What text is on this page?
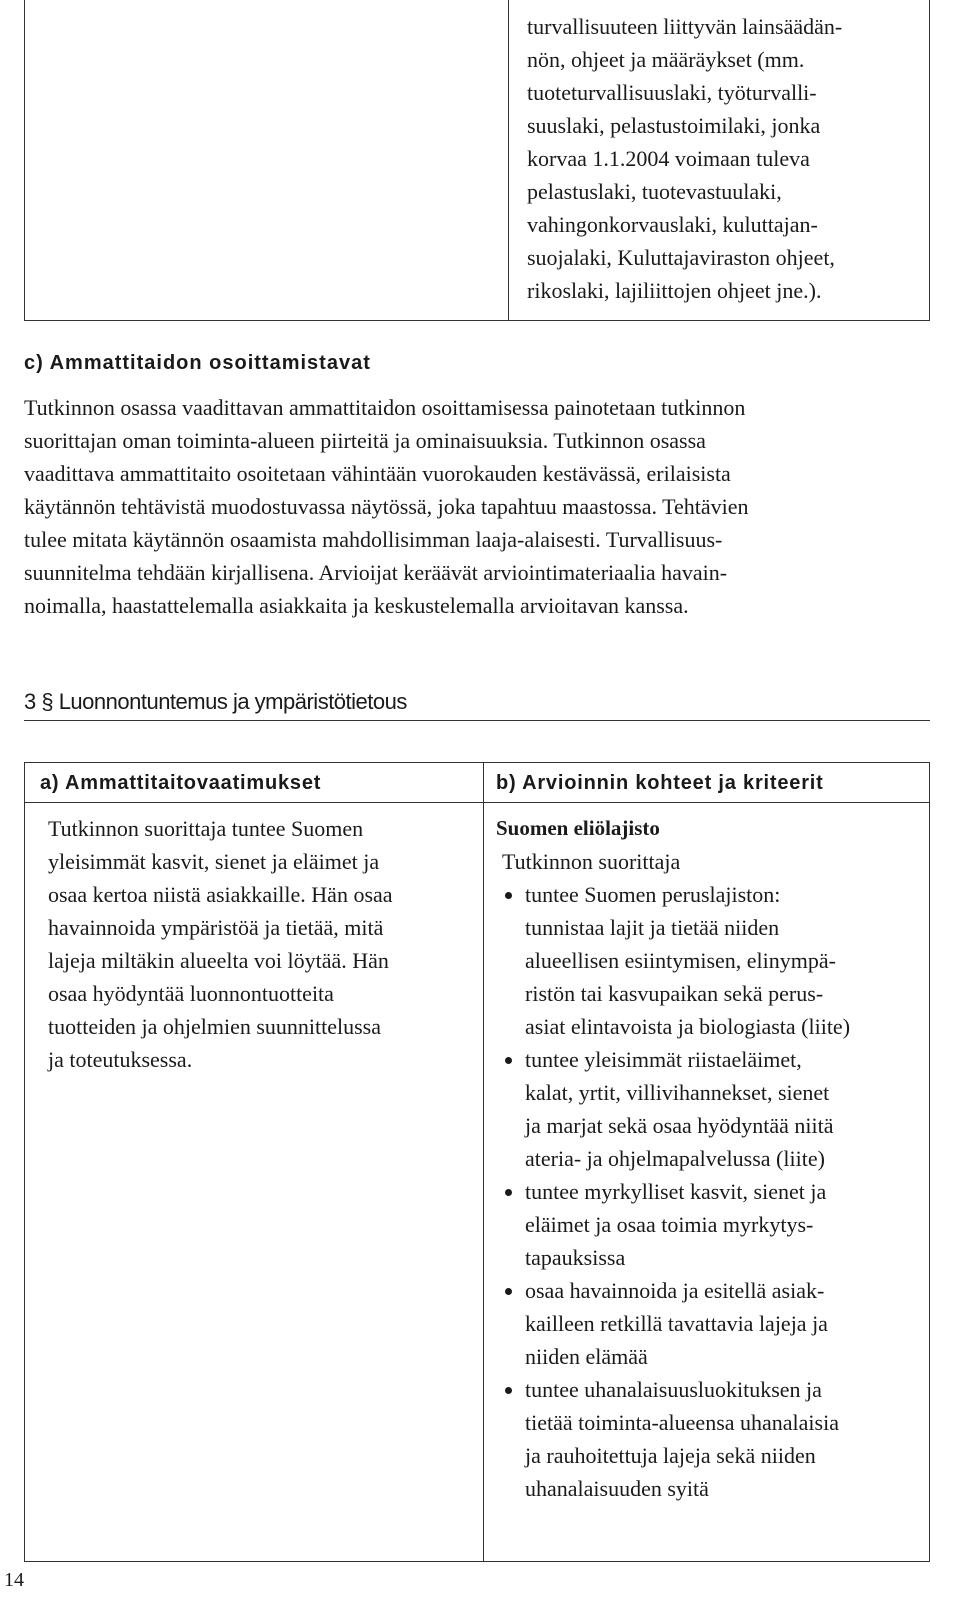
turvallisuuteen liittyvän lainsäädän-
nön, ohjeet ja määräykset (mm.
tuoteturvallisuuslaki, työturvalli-
suuslaki, pelastustoimilaki, jonka
korvaa 1.1.2004 voimaan tuleva
pelastuslaki, tuotevastuulaki,
vahingonkorvauslaki, kuluttajan-
suojalaki, Kuluttajaviraston ohjeet,
rikoslaki, lajiliittojen ohjeet jne.).

c) Ammattitaidon osoittamistavat

Tutkinnon osassa vaadittavan ammattitaidon osoittamisessa painotetaan tutkinnon
suorittajan oman toiminta-alueen piirteitä ja ominaisuuksia. Tutkinnon osassa
vaadittava ammattitaito osoitetaan vähintään vuorokauden kestävässä, erilaisista
käytännön tehtävistä muodostuvassa näytössä, joka tapahtuu maastossa. Tehtävien
tulee mitata käytännön osaamista mahdollisimman laaja-alaisesti. Turvallisuus-
suunnitelma tehdään kirjallisena. Arvioijat keräävät arviointimateriaalia havain-
noimalla, haastattelemalla asiakkaita ja keskustelemalla arvioitavan kanssa.

3 § Luonnontuntemus ja ympäristötietous
a) Ammattitaitovaatimukset	b) Arvioinnin kohteet ja kriteerit

Tutkinnon suorittaja tuntee Suomen
yleisimmät kasvit, sienet ja eläimet ja
osaa kertoa niistä asiakkaille. Hän osaa
havainnoida ympäristöä ja tietää, mitä
lajeja miltäkin alueelta voi löytää. Hän
osaa hyödyntää luonnontuotteita
tuotteiden ja ohjelmien suunnittelussa
ja toteutuksessa.

Suomen eliölajisto

Tutkinnon suorittaja

tuntee Suomen peruslajiston:
tunnistaa lajit ja tietää niiden
alueellisen esiintymisen, elinympä-
ristön tai kasvupaikan sekä perus-
asiat elintavoista ja biologiasta (liite)
tuntee yleisimmät riistaeläimet,
kalat, yrtit, villivihannekset, sienet
ja marjat sekä osaa hyödyntää niitä
ateria- ja ohjelmapalvelussa (liite)
tuntee myrkylliset kasvit, sienet ja
eläimet ja osaa toimia myrkytys-
tapauksissa
osaa havainnoida ja esitellä asiak-
kailleen retkillä tavattavia lajeja ja
niiden elämää
tuntee uhanalaisuusluokituksen ja
tietää toiminta-alueensa uhanalaisia
ja rauhoitettuja lajeja sekä niiden
uhanalaisuuden syitä

14
